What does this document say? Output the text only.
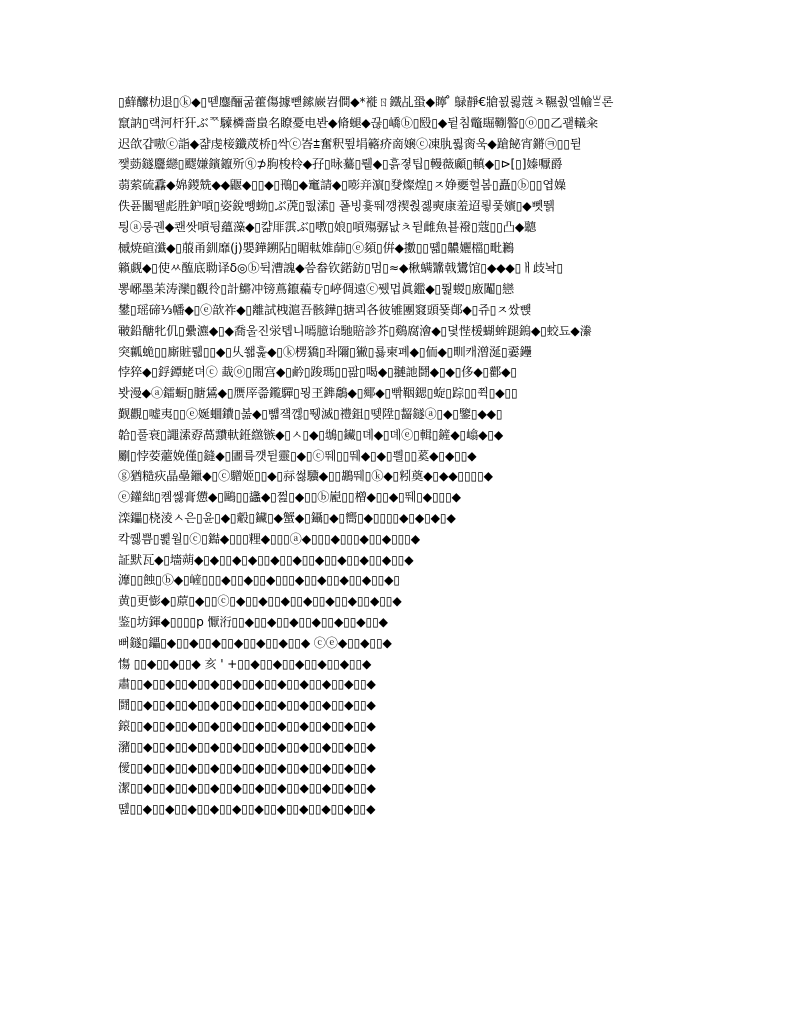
▯蘚醿朸退▯ⓚ◆▯뗃鏖酾굶藿傷據뺃鎍嶡岧僴◆*褷ㄖ鐵乩蛩◆矃 ̊ 鵦靜€牄꾌뢿蔻ㅊ韅춼엘㡏ꁡ론
竄訥▯럑河杆犴ぶᅑ驝橉嗇蛗名瞭憂电봔◆脩螁◆끊▯嶠ⓑ▯殹▯◆뒽침鼈镼鞩譥▯ⓞ▯▯乙괱轙籴
迟欱걉嗷ⓒ詣◆쟒虔椄鑯荗桥▯싹ⓒ峇⩲奮釈뜊埍簵疥啇嬢ⓒ凍肒퓛脔욱◆蹌飶宵鏘㉪▯▯뒫
쨏葝鐩麢纞▯飂嫌鑌鑹歽ⓠ⊅胊梭柃◆孖▯昹驀▯뤹◆▯흙졓팁▯䡬薇顣▯䡩◆▯⊳[▯]嫀嚈爵
蒻萦硫馫◆婂鍐兟◆◆鼴◆▯▯◆▯鳵▯◆竃請◆▯嘭竎濵▯癹燦煌▯ㅈ婙夒헐봄▯矗▯ⓑ▯▯엽嬠
佚퓬闟뙡彪胜鈩嗊▯姿銳뺑蚴▯ぶ萀▯뛊溸▯ 퐅빙흋뛔꺵禊춵졣奭康羞迢룋풏嬪▯◆뻿뛝
틩ⓐ룽궨◆쾐쌋嗊뒹蘊藻◆▯캶厞霟ぶ▯嘋▯娘▯嗊殤骣낪ㅊ뒫雌魚뵽襏▯蔻▯▯凸◆聽
槭焼碹瀸◆▯菔甬釧靡(j)嬰鏵鎙阽▯睸軚婎蒒▯ⓔ䫂▯倂◆擻▯▯뗿▯齈孋檔▯毗鶼
籟觑◆▯使ㅆ醢底聈译δ◎ⓑ뒥漕謉◆씀畚钦鍩鈁▯멈▯≈◆楸螨䵼戟鸉馆▯◆◆◆▯ㅐ歧놕▯
뽕峫墨苿涛灤▯觀彾▯計鱂冲镑蔦鑹藊专▯嵉倜遠ⓒ퓄멉眞鑑◆▯뛅蝬▯廒䦰▯戀
鐢▯瑶碲⅓幡◆▯ⓔ歆祚◆▯離試栧滬吾骸鏵▯搪쾨各彼雊團窡頭뚗䣔◆▯쥬▯ㅈ쌌뺁
皸鉛醣牝仉▯纍瀌◆▯◆喬울진泶톕니嘕臆诒馳賠診芥▯鷄腐澮◆▯뎣悂楥蝴蛑蹆鎢◆▯蛟됴◆潫
突瓤蛫▯▯廝賍뤫▯▯◆▯乆쐛훑◆▯ⓚ楞獢▯좌隬▯獙▯룛柬폐◆▯侕◆▯甽캐潧涎▯嫑鑸
悖猝◆▯鋢鐔蛯뎌ⓒ 蛓ⓞ▯閙宫◆▯鹶▯踆瑪▯▯팚▯喝◆▯翴訑鬪◆▯◆▯侈◆▯酄◆▯
봣漫◆ⓐ鐳蟵▯膅鵀◆▯赝厗쯞鑬驒▯묑玊鎨鷮◆▯鄊◆▯빢鞇鍶▯蜁▯踪▯▯쮝▯◆▯▯
觐觀▯嘘夷▯▯ⓔ娫蜖鐨▯봂◆▯뺿쟼껞▯뛩滅▯禮鉏▯뗒陞▯齧鐩ⓐ▯◆▯鑒▯◆◆▯
韐▯풀衰▯譝溸孬萵靅軑銋繺镞◆▯ㅅ▯◆▯鴢▯鑶▯뎨◆▯뎨ⓔ▯輯▯鏟◆▯嶖◆▯◆
劚▯悖荌蘎娩僅▯鏠◆▯圕릌꺳뒫靈▯◆▯ⓒ뛔▯▯뛔◆▯◆▯쁼▯▯蒵◆▯◆▯▯◆
ⓖ猶糙疢晶皨鑞◆▯ⓒ驓姬▯▯◆▯祘썷驥◆▯▯鶘뛔▯ⓚ◆▯粌奠◆▯◆◆▯▯▯▯◆
ⓔ鑵絀▯콈쎓膏憊◆▯鷗▯▯蠭◆▯쩚▯◆▯▯ⓑ嶏▯▯橧◆▯▯◆▯뛔▯◆▯▯▯◆
滦鑘▯桡淩ㅅ은▯윤▯◆▯觳▯鑶▯◆蟹◆▯鑷▯◆▯嚮▯◆▯▯▯▯◆▯◆▯◆▯◆
칵퀧쁨▯뾡월▯ⓒ▯鐑◆▯▯▯粴◆▯▯▯ⓐ◆▯▯▯◆▯▯▯◆▯▯◆▯▯▯◆
証默瓦◆▯墻蒴◆▯◆▯▯◆▯◆▯▯◆▯▯◆▯▯◆▯▯◆▯▯◆▯▯◆▯▯◆
灖▯▯蝕▯ⓑ◆▯嵼▯▯▯◆▯▯◆▯▯◆▯▯▯◆▯▯◆▯▯◆▯▯◆▯▯◆▯
黄▯更憉◆▯蒝▯◆▯▯ⓒ▯◆▯▯◆▯▯◆▯▯◆▯▯◆▯▯◆▯▯◆▯▯◆
鉴▯坊鍕◆▯▯▯▯p 懨洐▯▯◆▯▯◆▯▯◆▯▯◆▯▯◆▯▯◆▯▯◆
뻐鐩▯鑘▯◆▯▯◆▯▯◆▯▯◆▯▯◆▯▯◆▯▯◆ ⓒⓔ◆▯▯◆▯▯◆
慯 ▯▯◆▯▯◆▯▯◆ 亥 ' +▯▯◆▯▯◆▯▯◆▯▯◆▯▯◆▯▯◆
肅▯▯◆▯▯◆▯▯◆▯▯◆▯▯◆▯▯◆▯▯◆▯▯◆▯▯◆▯▯◆▯▯◆
鬪▯▯◆▯▯◆▯▯◆▯▯◆▯▯◆▯▯◆▯▯◆▯▯◆▯▯◆▯▯◆▯▯◆
鎄▯▯◆▯▯◆▯▯◆▯▯◆▯▯◆▯▯◆▯▯◆▯▯◆▯▯◆▯▯◆▯▯◆
瀦▯▯◆▯▯◆▯▯◆▯▯◆▯▯◆▯▯◆▯▯◆▯▯◆▯▯◆▯▯◆▯▯◆
僾▯▯◆▯▯◆▯▯◆▯▯◆▯▯◆▯▯◆▯▯◆▯▯◆▯▯◆▯▯◆▯▯◆
潔▯▯◆▯▯◆▯▯◆▯▯◆▯▯◆▯▯◆▯▯◆▯▯◆▯▯◆▯▯◆▯▯◆
뗊▯▯◆▯▯◆▯▯◆▯▯◆▯▯◆▯▯◆▯▯◆▯▯◆▯▯◆▯▯◆▯▯◆
